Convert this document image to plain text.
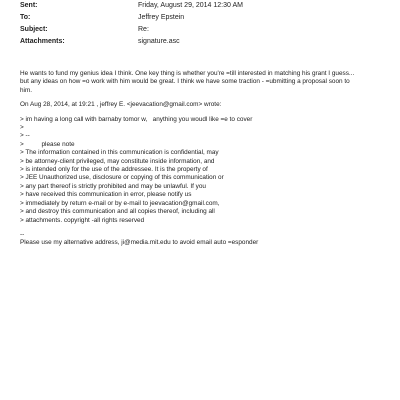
Sent:	Friday, August 29, 2014 12:30 AM
To:	Jeffrey Epstein
Subject:	Re:
Attachments:	signature.asc
He wants to fund my genius idea I think. One key thing is whether you're =till interested in matching his grant I guess...
but any ideas on how =o work with him would be great. I think we have some traction - =ubmitting a proposal soon to
him.
On Aug 28, 2014, at 19:21 , jeffrey E. <jeevacation@gmail.com> wrote:
> im having a long call with barnaby tomor w,   anything you woudl like =e to cover
>
> --
>          please note
> The information contained in this communication is confidential, may
> be attorney-client privileged, may constitute inside information, and
> is intended only for the use of the addressee. It is the property of
> JEE Unauthorized use, disclosure or copying of this communication or
> any part thereof is strictly prohibited and may be unlawful. If you
> have received this communication in error, please notify us
> immediately by return e-mail or by e-mail to jeevacation@gmail.com,
> and destroy this communication and all copies thereof, including all
> attachments. copyright -all rights reserved
--
Please use my alternative address, ji@media.mit.edu to avoid email auto =esponder
